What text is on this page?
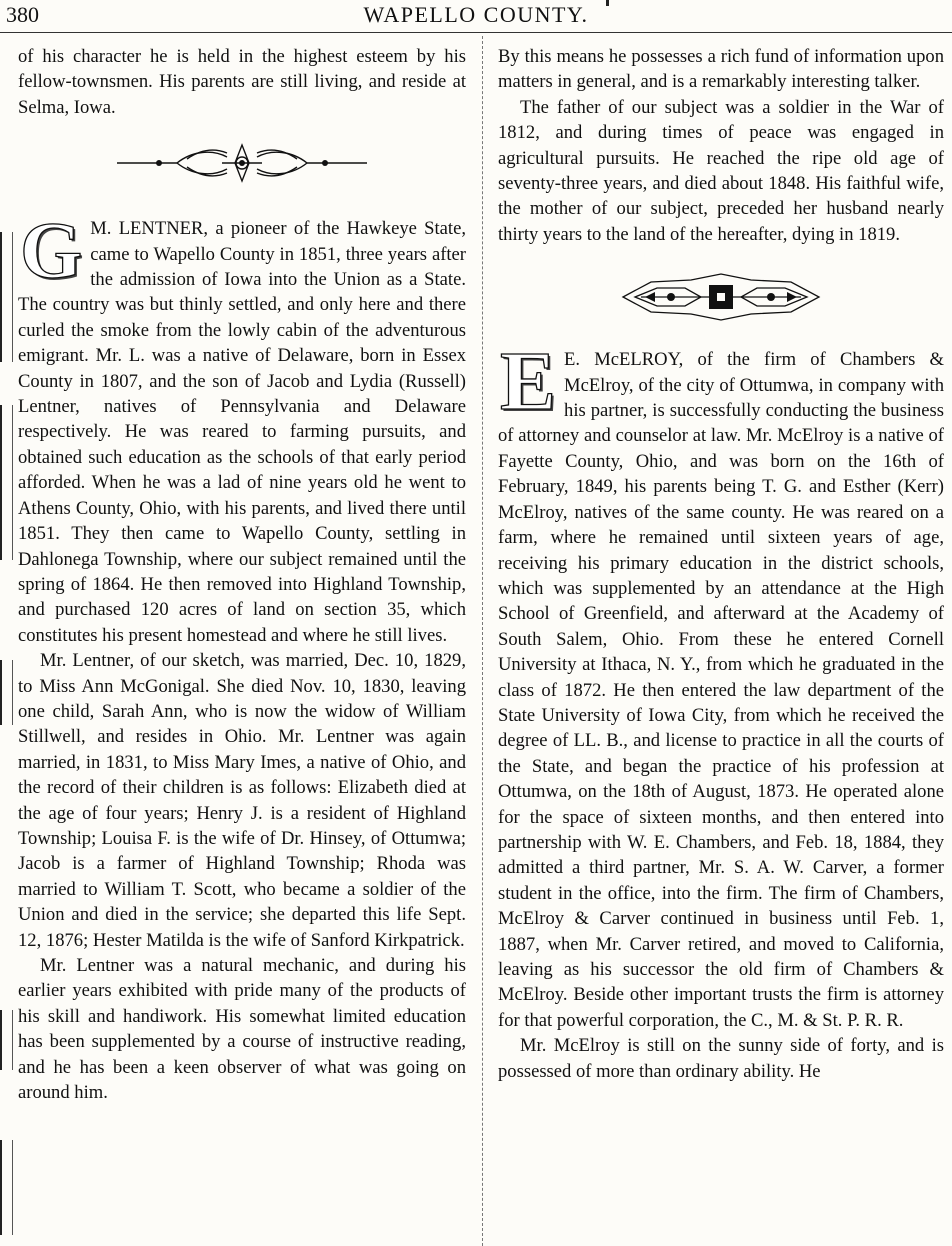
380	WAPELLO COUNTY.

of his character he is held in the highest esteem by his fellow-townsmen. His parents are still living, and reside at Selma, Iowa.

G M. LENTNER, a pioneer of the Hawkeye State, came to Wapello County in 1851, three years after the admission of Iowa into the Union as a State. The country was but thinly settled, and only here and there curled the smoke from the lowly cabin of the adventurous emigrant. Mr. L. was a native of Delaware, born in Essex County in 1807, and the son of Jacob and Lydia (Russell) Lentner, natives of Pennsylvania and Delaware respectively. He was reared to farming pursuits, and obtained such education as the schools of that early period afforded. When he was a lad of nine years old he went to Athens County, Ohio, with his parents, and lived there until 1851. They then came to Wapello County, settling in Dahlonega Township, where our subject remained until the spring of 1864. He then removed into Highland Township, and purchased 120 acres of land on section 35, which constitutes his present homestead and where he still lives.

Mr. Lentner, of our sketch, was married, Dec. 10, 1829, to Miss Ann McGonigal. She died Nov. 10, 1830, leaving one child, Sarah Ann, who is now the widow of William Stillwell, and resides in Ohio. Mr. Lentner was again married, in 1831, to Miss Mary Imes, a native of Ohio, and the record of their children is as follows: Elizabeth died at the age of four years; Henry J. is a resident of Highland Township; Louisa F. is the wife of Dr. Hinsey, of Ottumwa; Jacob is a farmer of Highland Township; Rhoda was married to William T. Scott, who became a soldier of the Union and died in the service; she departed this life Sept. 12, 1876; Hester Matilda is the wife of Sanford Kirkpatrick.

Mr. Lentner was a natural mechanic, and during his earlier years exhibited with pride many of the products of his skill and handiwork. His somewhat limited education has been supplemented by a course of instructive reading, and he has been a keen observer of what was going on around him.

By this means he possesses a rich fund of information upon matters in general, and is a remarkably interesting talker.

The father of our subject was a soldier in the War of 1812, and during times of peace was engaged in agricultural pursuits. He reached the ripe old age of seventy-three years, and died about 1848. His faithful wife, the mother of our subject, preceded her husband nearly thirty years to the land of the hereafter, dying in 1819.

E E. McELROY, of the firm of Chambers & McElroy, of the city of Ottumwa, in company with his partner, is successfully conducting the business of attorney and counselor at law. Mr. McElroy is a native of Fayette County, Ohio, and was born on the 16th of February, 1849, his parents being T. G. and Esther (Kerr) McElroy, natives of the same county. He was reared on a farm, where he remained until sixteen years of age, receiving his primary education in the district schools, which was supplemented by an attendance at the High School of Greenfield, and afterward at the Academy of South Salem, Ohio. From these he entered Cornell University at Ithaca, N. Y., from which he graduated in the class of 1872. He then entered the law department of the State University of Iowa City, from which he received the degree of LL. B., and license to practice in all the courts of the State, and began the practice of his profession at Ottumwa, on the 18th of August, 1873. He operated alone for the space of sixteen months, and then entered into partnership with W. E. Chambers, and Feb. 18, 1884, they admitted a third partner, Mr. S. A. W. Carver, a former student in the office, into the firm. The firm of Chambers, McElroy & Carver continued in business until Feb. 1, 1887, when Mr. Carver retired, and moved to California, leaving as his successor the old firm of Chambers & McElroy. Beside other important trusts the firm is attorney for that powerful corporation, the C., M. & St. P. R. R.

Mr. McElroy is still on the sunny side of forty, and is possessed of more than ordinary ability. He
